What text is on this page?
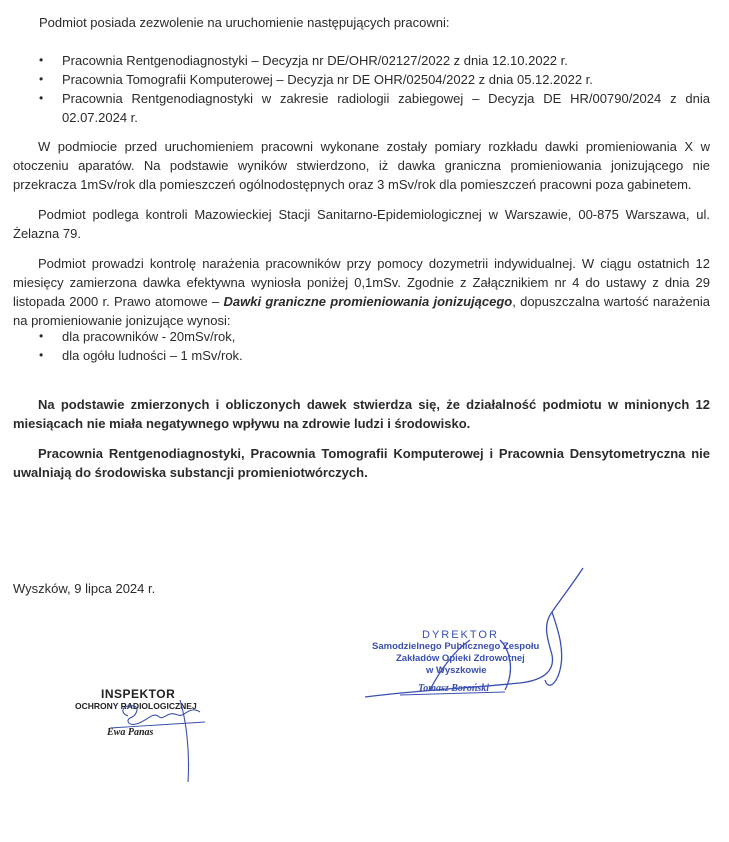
Podmiot posiada zezwolenie na uruchomienie następujących pracowni:

• Pracownia Rentgenodiagnostyki – Decyzja nr DE/OHR/02127/2022 z dnia 12.10.2022 r.
• Pracownia Tomografii Komputerowej – Decyzja nr DE OHR/02504/2022 z dnia 05.12.2022 r.
• Pracownia Rentgenodiagnostyki w zakresie radiologii zabiegowej – Decyzja DE HR/00790/2024 z dnia 02.07.2024 r.

W podmiocie przed uruchomieniem pracowni wykonane zostały pomiary rozkładu dawki promieniowania X w otoczeniu aparatów. Na podstawie wyników stwierdzono, iż dawka graniczna promieniowania jonizującego nie przekracza 1mSv/rok dla pomieszczeń ogólnodostępnych oraz 3 mSv/rok dla pomieszczeń pracowni poza gabinetem.

Podmiot podlega kontroli Mazowieckiej Stacji Sanitarno-Epidemiologicznej w Warszawie, 00-875 Warszawa, ul. Żelazna 79.

Podmiot prowadzi kontrolę narażenia pracowników przy pomocy dozymetrii indywidualnej. W ciągu ostatnich 12 miesięcy zamierzona dawka efektywna wyniosła poniżej 0,1mSv. Zgodnie z Załącznikiem nr 4 do ustawy z dnia 29 listopada 2000 r. Prawo atomowe – Dawki graniczne promieniowania jonizującego, dopuszczalna wartość narażenia na promieniowanie jonizujące wynosi:

• dla pracowników - 20mSv/rok,
• dla ogółu ludności – 1 mSv/rok.

Na podstawie zmierzonych i obliczonych dawek stwierdza się, że działalność podmiotu w minionych 12 miesiącach nie miała negatywnego wpływu na zdrowie ludzi i środowisko.

Pracownia Rentgenodiagnostyki, Pracownia Tomografii Komputerowej i Pracownia Densytometryczna nie uwalniają do środowiska substancji promieniotwórczych.

Wyszków, 9 lipca 2024 r.

DYREKTOR
Samodzielnego Publicznego Zespołu
Zakładów Opieki Zdrowotnej
w Wyszkowie
Tomasz Boroński
INSPEKTOR
OCHRONY RADIOLOGICZNEJ
Ewa Panas
